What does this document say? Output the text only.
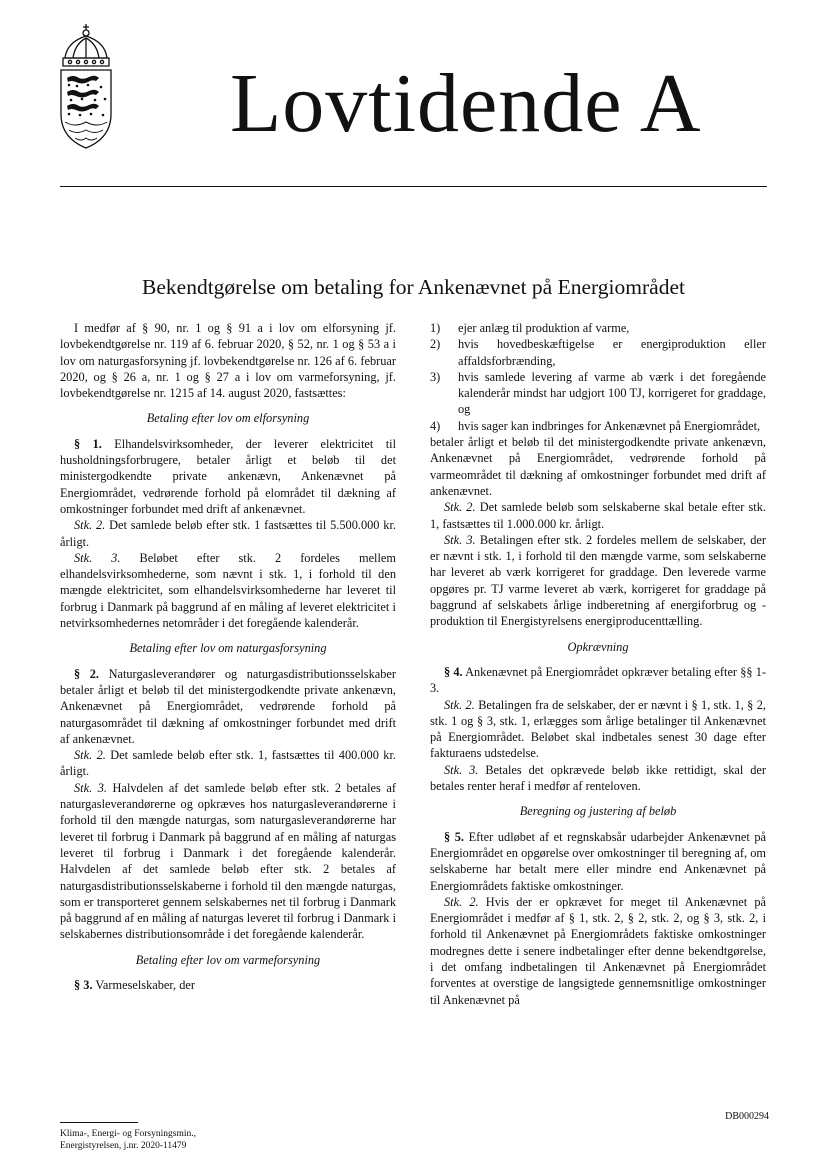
Lovtidende A
Bekendtgørelse om betaling for Ankenævnet på Energiområdet

I medfør af § 90, nr. 1 og § 91 a i lov om elforsyning jf. lovbekendtgørelse nr. 119 af 6. februar 2020, § 52, nr. 1 og § 53 a i lov om naturgasforsyning jf. lovbekendtgørelse nr. 126 af 6. februar 2020, og § 26 a, nr. 1 og § 27 a i lov om varmeforsyning, jf. lovbekendtgørelse nr. 1215 af 14. august 2020, fastsættes:

Betaling efter lov om elforsyning

§ 1. Elhandelsvirksomheder, der leverer elektricitet til husholdningsforbrugere, betaler årligt et beløb til det ministergodkendte private ankenævn, Ankenævnet på Energiområdet, vedrørende forhold på elområdet til dækning af omkostninger forbundet med drift af ankenævnet.

Stk. 2. Det samlede beløb efter stk. 1 fastsættes til 5.500.000 kr. årligt.

Stk. 3. Beløbet efter stk. 2 fordeles mellem elhandelsvirksomhederne, som nævnt i stk. 1, i forhold til den mængde elektricitet, som elhandelsvirksomhederne har leveret til forbrug i Danmark på baggrund af en måling af leveret elektricitet i netvirksomhedernes netområder i det foregående kalenderår.

Betaling efter lov om naturgasforsyning

§ 2. Naturgasleverandører og naturgasdistributionsselskaber betaler årligt et beløb til det ministergodkendte private ankenævn, Ankenævnet på Energiområdet, vedrørende forhold på naturgasområdet til dækning af omkostninger forbundet med drift af ankenævnet.

Stk. 2. Det samlede beløb efter stk. 1, fastsættes til 400.000 kr. årligt.

Stk. 3. Halvdelen af det samlede beløb efter stk. 2 betales af naturgasleverandørerne og opkræves hos naturgasleverandørerne i forhold til den mængde naturgas, som naturgasleverandørerne har leveret til forbrug i Danmark på baggrund af en måling af naturgas leveret til forbrug i Danmark i det foregående kalenderår. Halvdelen af det samlede beløb efter stk. 2 betales af naturgasdistributionsselskaberne i forhold til den mængde naturgas, som er transporteret gennem selskabernes net til forbrug i Danmark på baggrund af en måling af naturgas leveret til forbrug i Danmark i selskabernes distributionsområde i det foregående kalenderår.

Betaling efter lov om varmeforsyning

§ 3. Varmeselskaber, der

1) ejer anlæg til produktion af varme,
2) hvis hovedbeskæftigelse er energiproduktion eller affaldsforbrænding,
3) hvis samlede levering af varme ab værk i det foregående kalenderår mindst har udgjort 100 TJ, korrigeret for graddage, og
4) hvis sager kan indbringes for Ankenævnet på Energiområdet,

betaler årligt et beløb til det ministergodkendte private ankenævn, Ankenævnet på Energiområdet, vedrørende forhold på varmeområdet til dækning af omkostninger forbundet med drift af ankenævnet.

Stk. 2. Det samlede beløb som selskaberne skal betale efter stk. 1, fastsættes til 1.000.000 kr. årligt.

Stk. 3. Betalingen efter stk. 2 fordeles mellem de selskaber, der er nævnt i stk. 1, i forhold til den mængde varme, som selskaberne har leveret ab værk korrigeret for graddage. Den leverede varme opgøres pr. TJ varme leveret ab værk, korrigeret for graddage på baggrund af selskabets årlige indberetning af energiforbrug og -produktion til Energistyrelsens energiproducenttælling.

Opkrævning

§ 4. Ankenævnet på Energiområdet opkræver betaling efter §§ 1-3.

Stk. 2. Betalingen fra de selskaber, der er nævnt i § 1, stk. 1, § 2, stk. 1 og § 3, stk. 1, erlægges som årlige betalinger til Ankenævnet på Energiområdet. Beløbet skal indbetales senest 30 dage efter fakturaens udstedelse.

Stk. 3. Betales det opkrævede beløb ikke rettidigt, skal der betales renter heraf i medfør af renteloven.

Beregning og justering af beløb

§ 5. Efter udløbet af et regnskabsår udarbejder Ankenævnet på Energiområdet en opgørelse over omkostninger til beregning af, om selskaberne har betalt mere eller mindre end Ankenævnet på Energiområdets faktiske omkostninger.

Stk. 2. Hvis der er opkrævet for meget til Ankenævnet på Energiområdet i medfør af § 1, stk. 2, § 2, stk. 2, og § 3, stk. 2, i forhold til Ankenævnet på Energiområdets faktiske omkostninger modregnes dette i senere indbetalinger efter denne bekendtgørelse, i det omfang indbetalingen til Ankenævnet på Energiområdet forventes at overstige de langsigtede gennemsnitlige omkostninger til Ankenævnet på

DB000294
Klima-, Energi- og Forsyningsmin.,
Energistyrelsen, j.nr. 2020-11479
